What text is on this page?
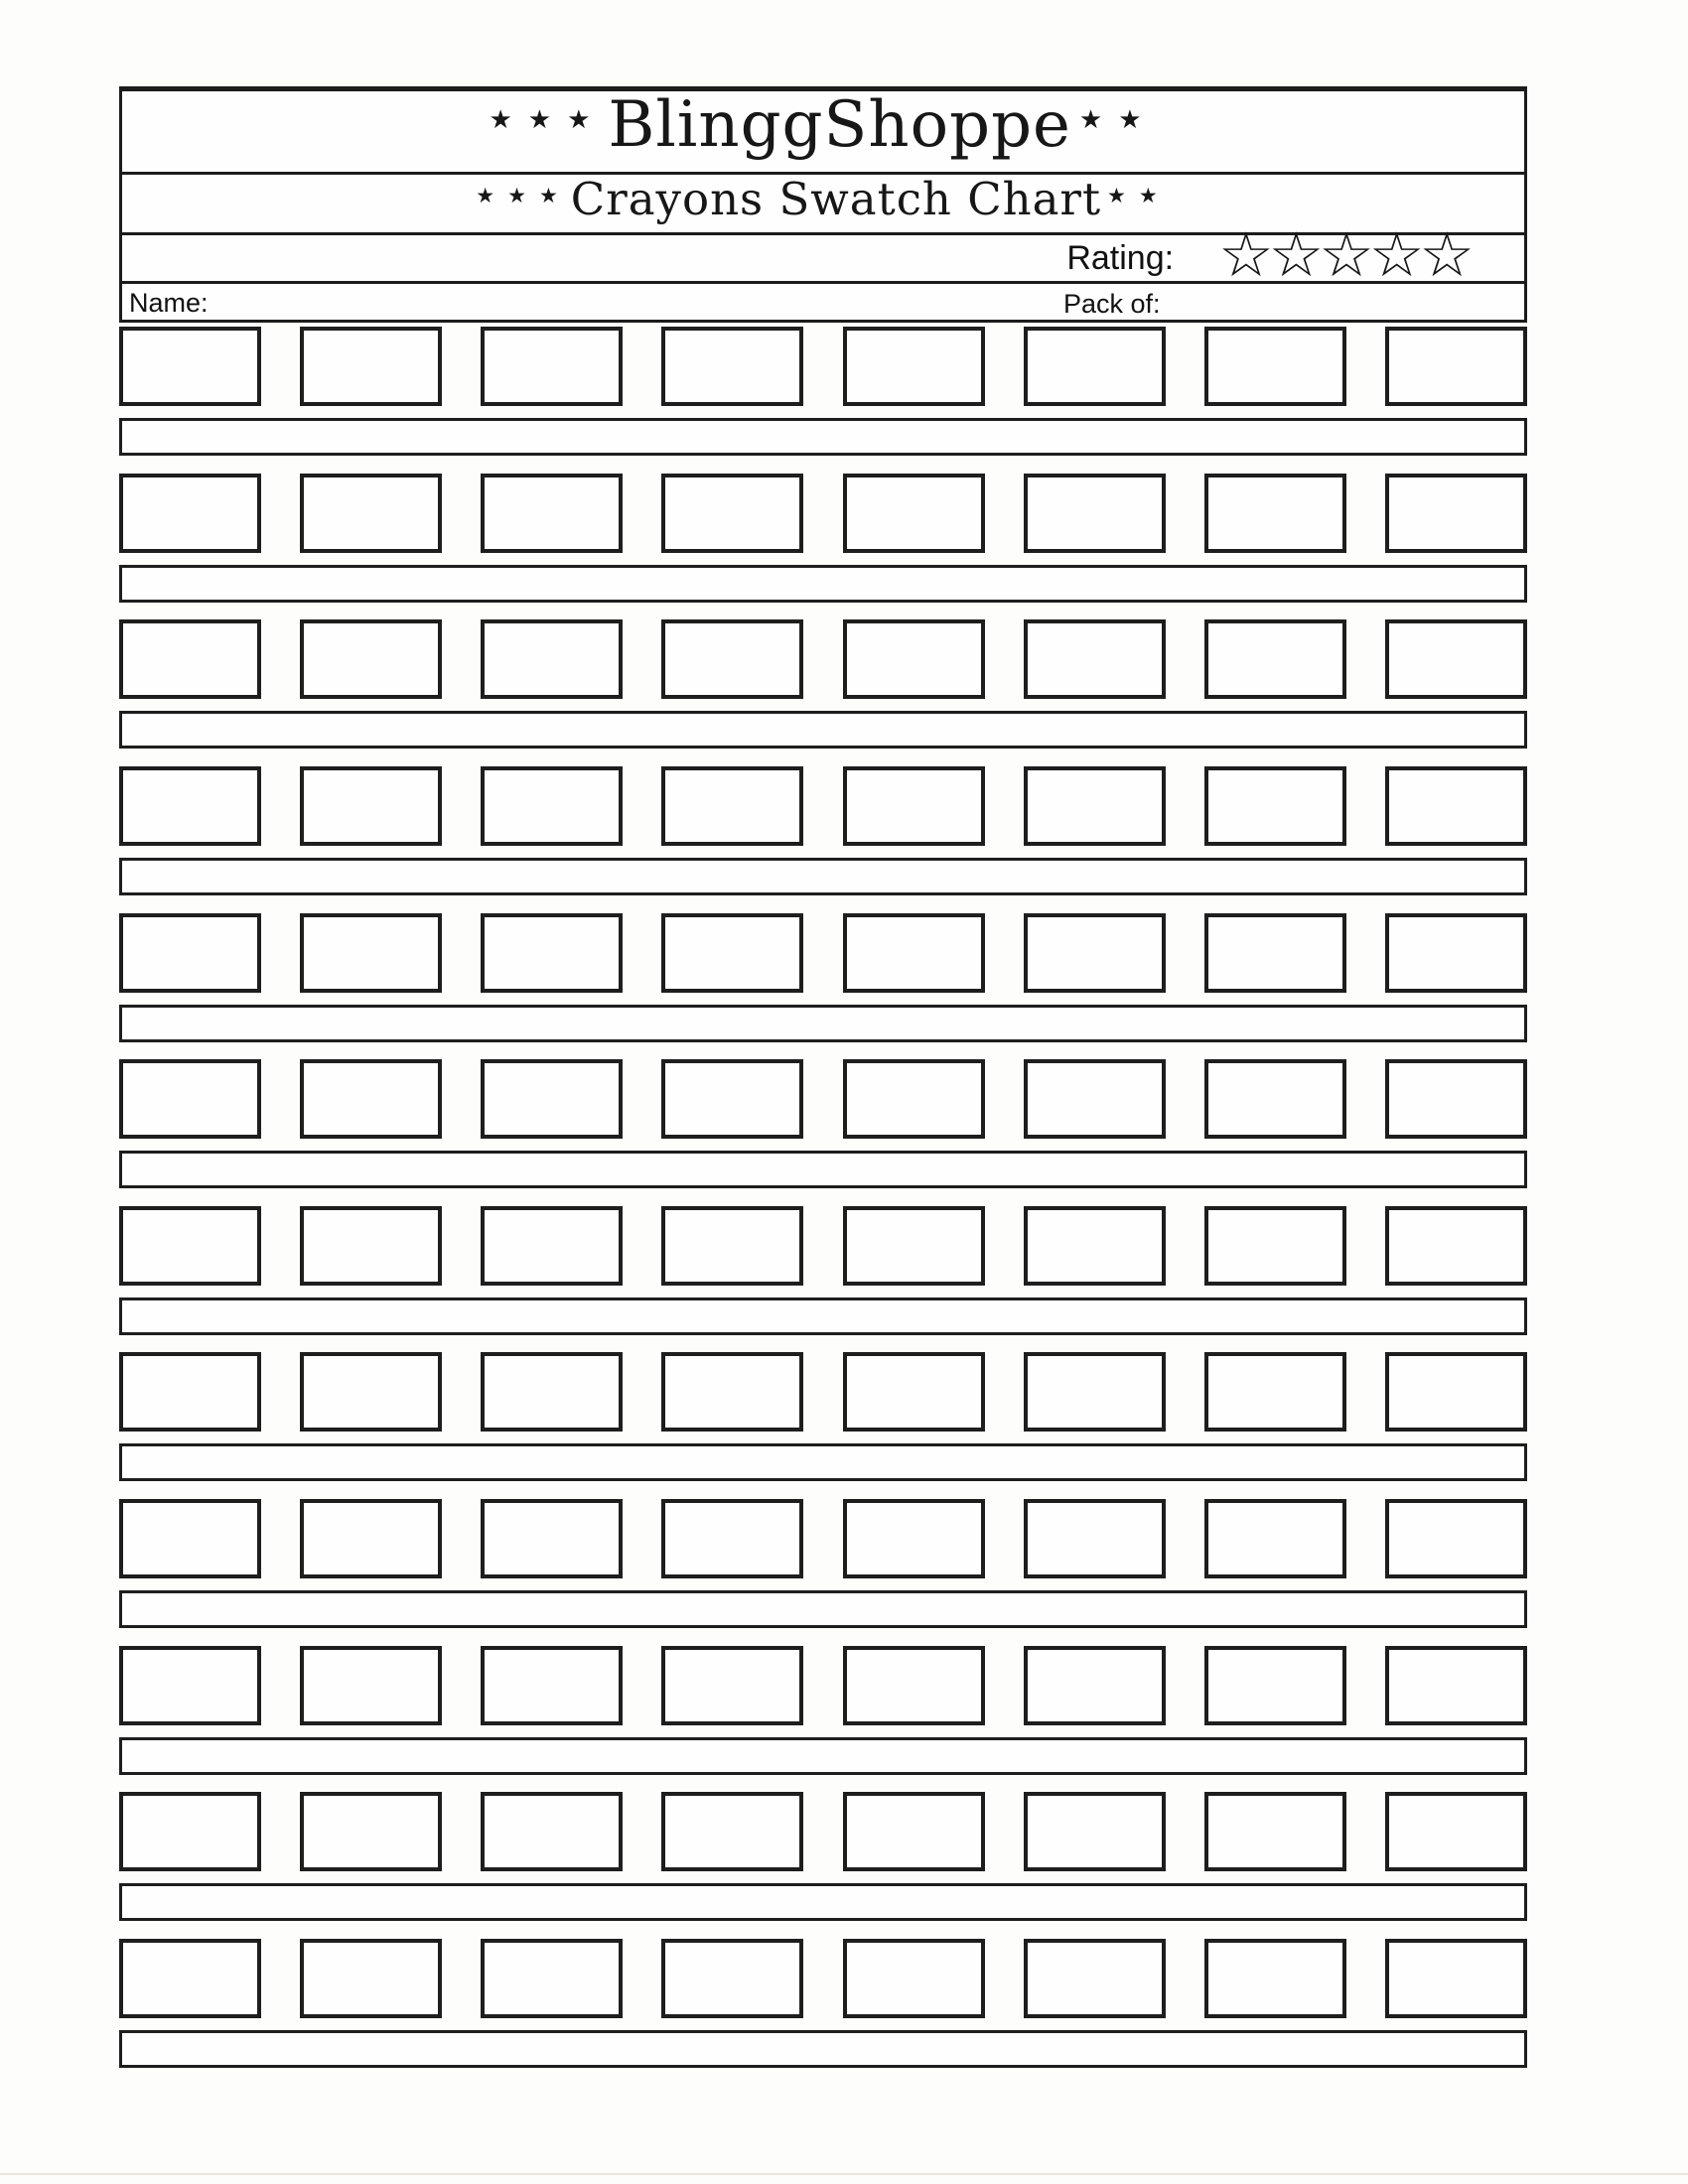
★★★ BlinggShoppe ★★
★★★ Crayons Swatch Chart ★★
Rating: ☆☆☆☆☆
Name:	Pack of:
